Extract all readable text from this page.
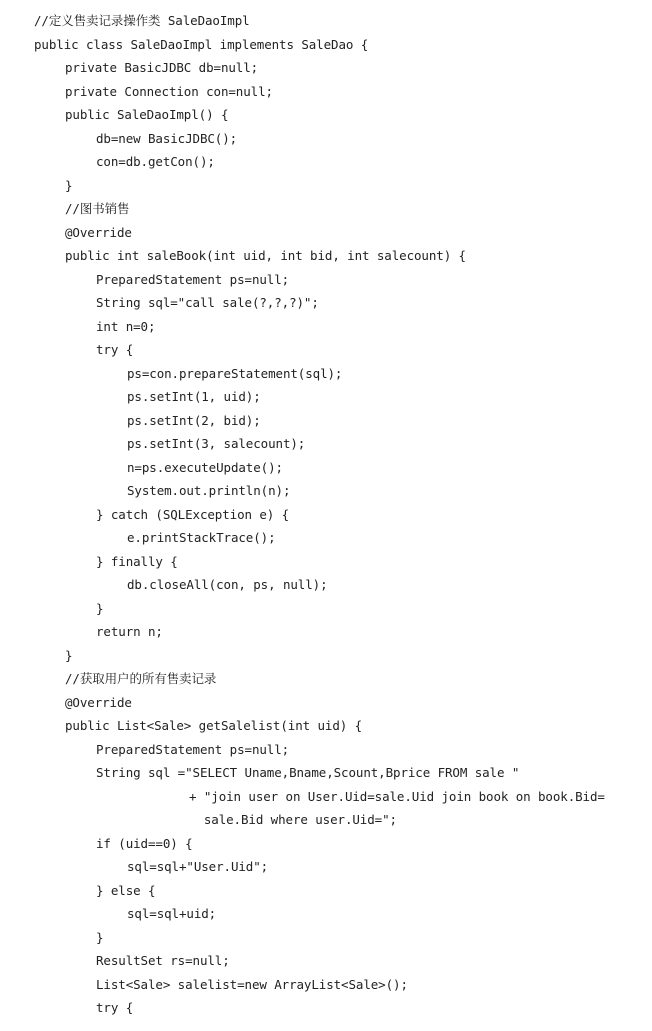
//定义售卖记录操作类 SaleDaoImpl
public class SaleDaoImpl implements SaleDao {
private BasicJDBC db=null;
private Connection con=null;
public SaleDaoImpl() {
db=new BasicJDBC();
con=db.getCon();
}
//图书销售
@Override
public int saleBook(int uid, int bid, int salecount) {
PreparedStatement ps=null;
String sql="call sale(?,?,?)";
int n=0;
try {
ps=con.prepareStatement(sql);
ps.setInt(1, uid);
ps.setInt(2, bid);
ps.setInt(3, salecount);
n=ps.executeUpdate();
System.out.println(n);
} catch (SQLException e) {
e.printStackTrace();
} finally {
db.closeAll(con, ps, null);
}
return n;
}
//获取用户的所有售卖记录
@Override
public List<Sale> getSalelist(int uid) {
PreparedStatement ps=null;
String sql ="SELECT Uname,Bname,Scount,Bprice FROM sale "
+ "join user on User.Uid=sale.Uid join book on book.Bid=
sale.Bid where user.Uid=";
if (uid==0) {
sql=sql+"User.Uid";
} else {
sql=sql+uid;
}
ResultSet rs=null;
List<Sale> salelist=new ArrayList<Sale>();
try {
